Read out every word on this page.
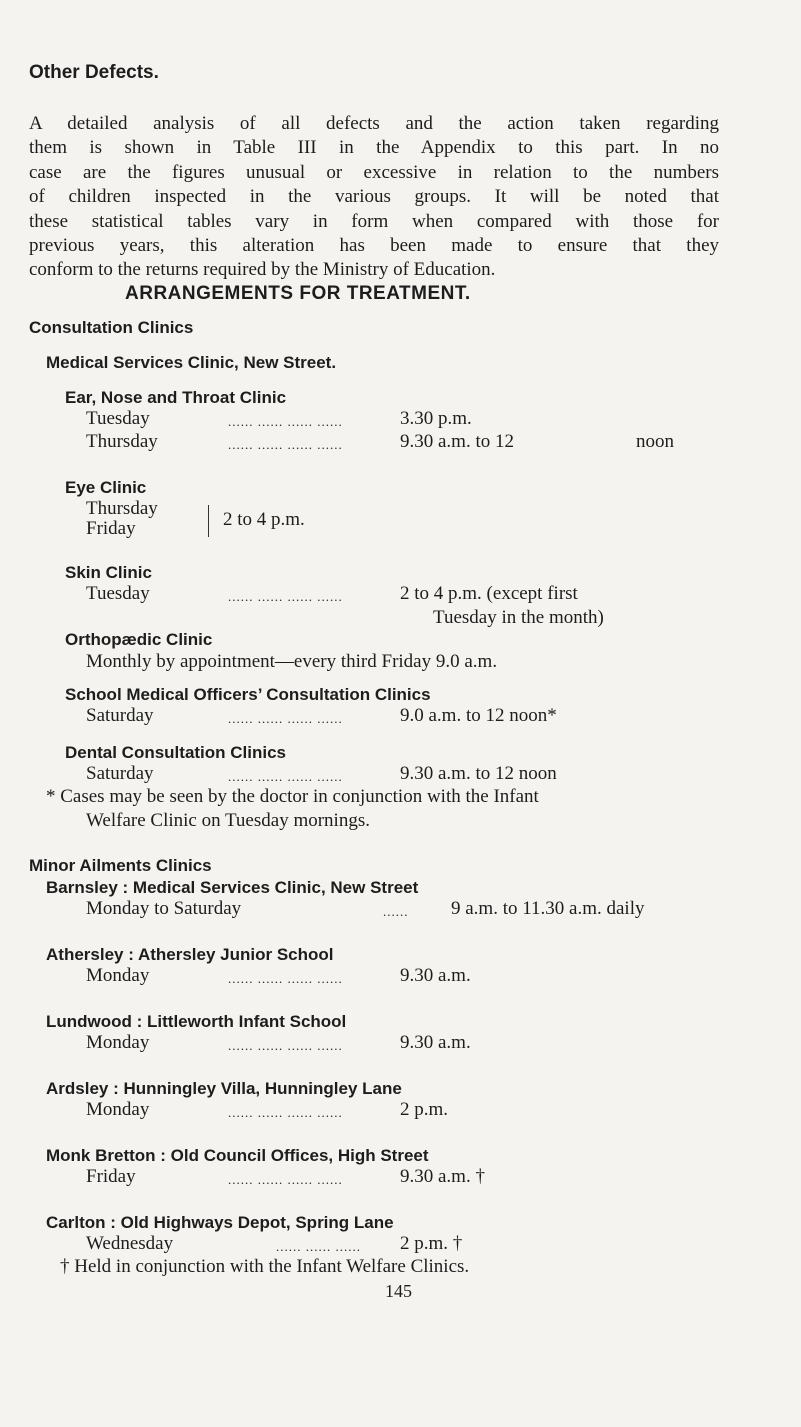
Other Defects.
A detailed analysis of all defects and the action taken regarding
them is shown in Table III in the Appendix to this part. In no
case are the figures unusual or excessive in relation to the numbers
of children inspected in the various groups. It will be noted that
these statistical tables vary in form when compared with those for
previous years, this alteration has been made to ensure that they
conform to the returns required by the Ministry of Education.
ARRANGEMENTS FOR TREATMENT.
Consultation Clinics
Medical Services Clinic, New Street.
Ear, Nose and Throat Clinic
Tuesday	...... ...... ...... ......	3.30 p.m.
Thursday	...... ...... ...... ......	9.30 a.m. to 12	noon
Eye Clinic
Thursday
Friday	2 to 4 p.m.
Skin Clinic
Tuesday	...... ...... ...... ......	2 to 4 p.m. (except first
Tuesday in the month)
Orthopædic Clinic
Monthly by appointment—every third Friday 9.0 a.m.
School Medical Officers’ Consultation Clinics
Saturday	...... ...... ...... ......	9.0 a.m. to 12 noon*
Dental Consultation Clinics
Saturday	...... ...... ...... ......	9.30 a.m. to 12 noon
* Cases may be seen by the doctor in conjunction with the Infant
Welfare Clinic on Tuesday mornings.
Minor Ailments Clinics
Barnsley : Medical Services Clinic, New Street
Monday to Saturday	...... 9 a.m. to 11.30 a.m. daily
Athersley : Athersley Junior School
Monday	...... ...... ...... ......	9.30 a.m.
Lundwood : Littleworth Infant School
Monday	...... ...... ...... ......	9.30 a.m.
Ardsley : Hunningley Villa, Hunningley Lane
Monday	...... ...... ...... ......	2 p.m.
Monk Bretton : Old Council Offices, High Street
Friday	...... ...... ...... ......	9.30 a.m. †
Carlton : Old Highways Depot, Spring Lane
Wednesday	...... ...... ...... 2 p.m. †
† Held in conjunction with the Infant Welfare Clinics.
145
